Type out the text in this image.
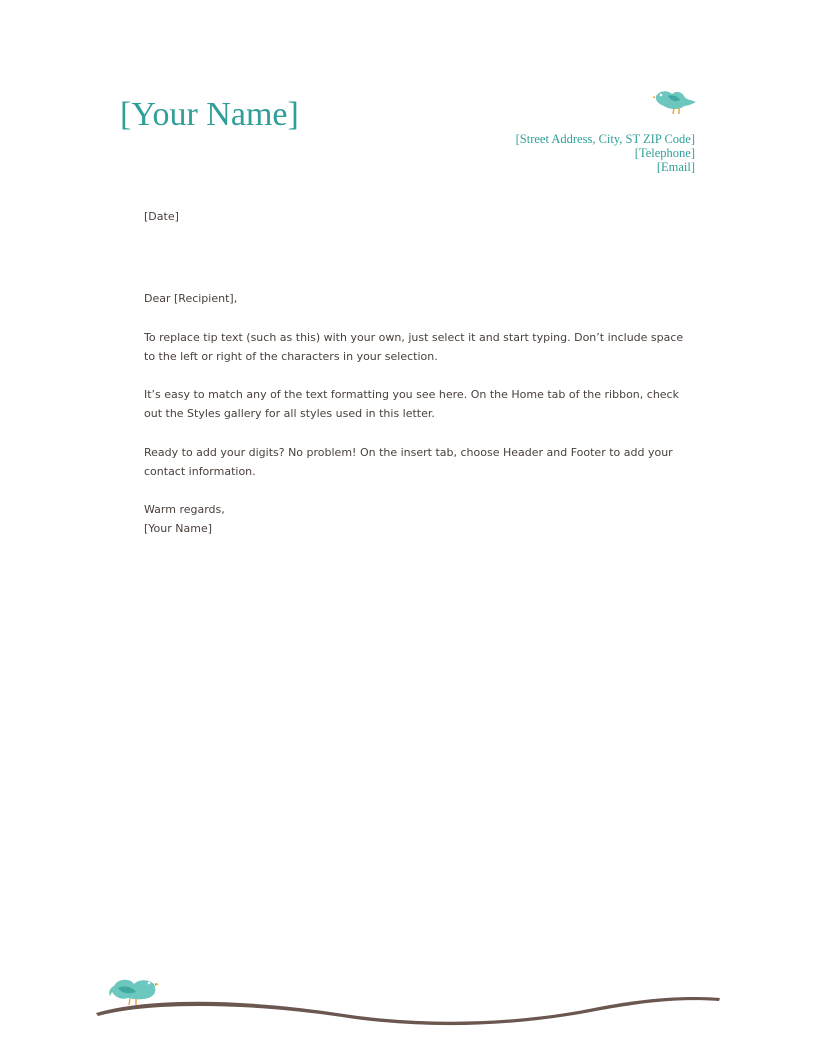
[Your Name]
[Street Address, City, ST ZIP Code]
[Telephone]
[Email]
[Date]
Dear [Recipient],
To replace tip text (such as this) with your own, just select it and start typing. Don’t include space to the left or right of the characters in your selection.
It’s easy to match any of the text formatting you see here. On the Home tab of the ribbon, check out the Styles gallery for all styles used in this letter.
Ready to add your digits? No problem! On the insert tab, choose Header and Footer to add your contact information.
Warm regards,
[Your Name]
